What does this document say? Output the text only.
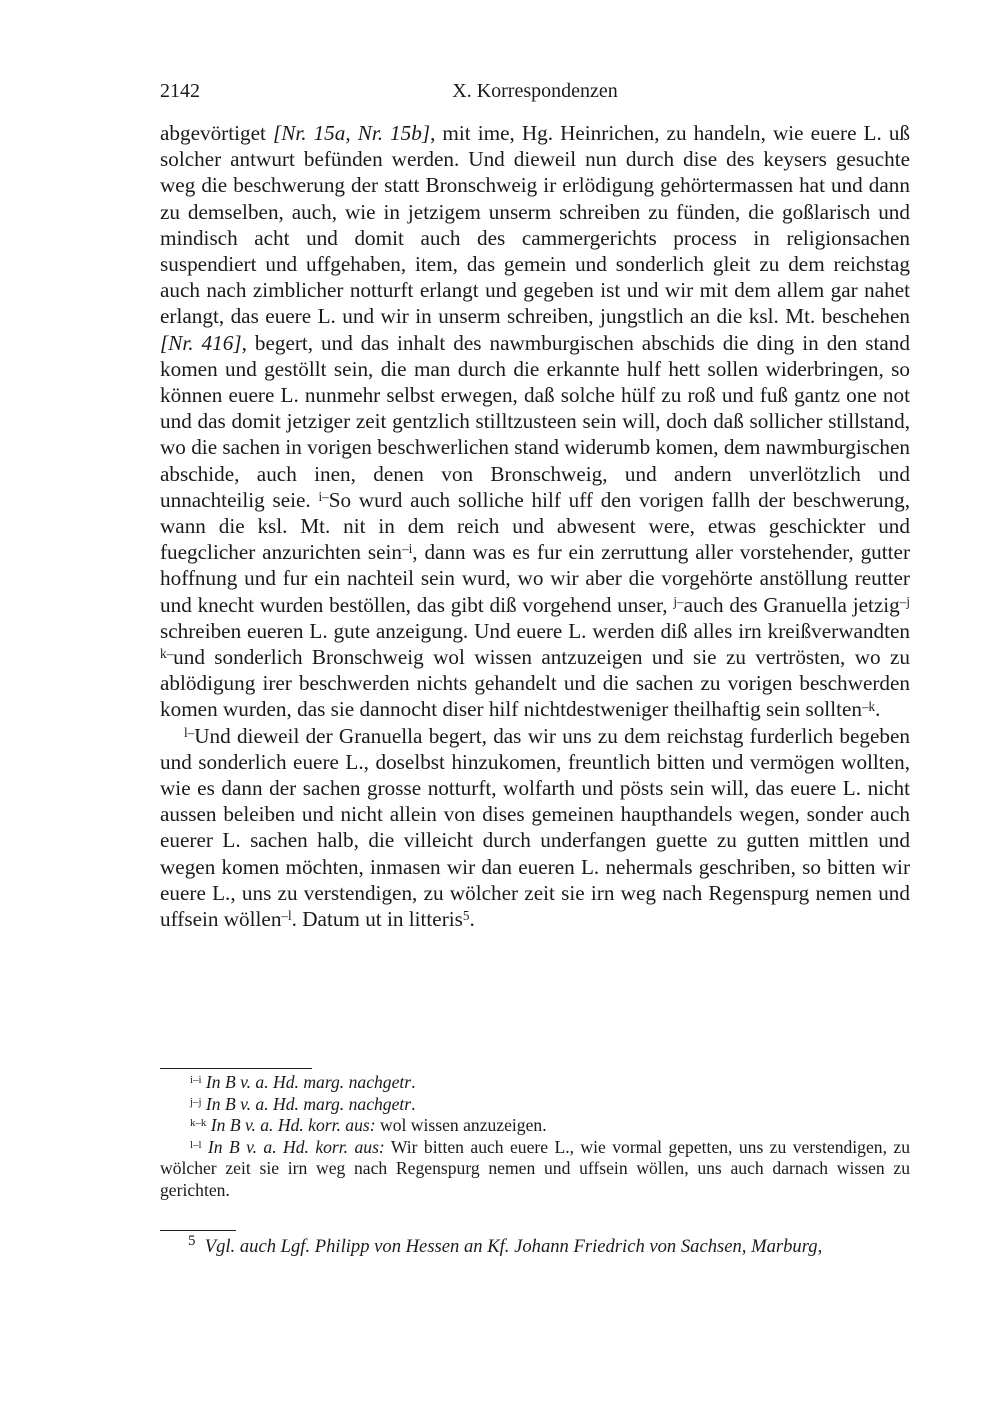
2142	X. Korrespondenzen

abgevörtiget [Nr. 15a, Nr. 15b], mit ime, Hg. Heinrichen, zu handeln, wie euere L. uß solcher antwurt befünden werden. Und dieweil nun durch dise des keysers gesuchte weg die beschwerung der statt Bronschweig ir erlödigung gehörtermassen hat und dann zu demselben, auch, wie in jetzigem unserm schreiben zu fünden, die goßlarisch und mindisch acht und domit auch des cammergerichts process in religionsachen suspendiert und uffgehaben, item, das gemein und sonderlich gleit zu dem reichstag auch nach zimblicher notturft erlangt und gegeben ist und wir mit dem allem gar nahet erlangt, das euere L. und wir in unserm schreiben, jungstlich an die ksl. Mt. beschehen [Nr. 416], begert, und das inhalt des nawmburgischen abschids die ding in den stand komen und gestöllt sein, die man durch die erkannte hulf hett sollen widerbringen, so können euere L. nunmehr selbst erwegen, daß solche hülf zu roß und fuß gantz one not und das domit jetziger zeit gentzlich stilltzusteen sein will, doch daß sollicher stillstand, wo die sachen in vorigen beschwerlichen stand widerumb komen, dem nawmburgischen abschide, auch inen, denen von Bronschweig, und andern unverlötzlich und unnachteilig seie. $^{i-}$So wurd auch solliche hilf uff den vorigen fallh der beschwerung, wann die ksl. Mt. nit in dem reich und abwesent were, etwas geschickter und fuegclicher anzurichten sein$^{-i}$, dann was es fur ein zerruttung aller vorstehender, gutter hoffnung und fur ein nachteil sein wurd, wo wir aber die vorgehörte anstöllung reutter und knecht wurden bestöllen, das gibt diß vorgehend unser, $^{j-}$auch des Granuella jetzig$^{-j}$ schreiben eueren L. gute anzeigung. Und euere L. werden diß alles irn kreißverwandten $^{k-}$und sonderlich Bronschweig wol wissen antzuzeigen und sie zu vertrösten, wo zu ablödigung irer beschwerden nichts gehandelt und die sachen zu vorigen beschwerden komen wurden, das sie dannocht diser hilf nichtdestweniger theilhaftig sein sollten$^{-k}$.

$^{l-}$Und dieweil der Granuella begert, das wir uns zu dem reichstag furderlich begeben und sonderlich euere L., doselbst hinzukomen, freuntlich bitten und vermögen wollten, wie es dann der sachen grosse notturft, wolfarth und pösts sein will, das euere L. nicht aussen beleiben und nicht allein von dises gemeinen haupthandels wegen, sonder auch euerer L. sachen halb, die villeicht durch underfangen guette zu gutten mittlen und wegen komen möchten, inmasen wir dan eueren L. nehermals geschriben, so bitten wir euere L., uns zu verstendigen, zu wölcher zeit sie irn weg nach Regenspurg nemen und uffsein wöllen$^{-l}$. Datum ut in litteris$^5$.

$^{i-i}$ In B v. a. Hd. marg. nachgetr.

$^{j-j}$ In B v. a. Hd. marg. nachgetr.

$^{k-k}$ In B v. a. Hd. korr. aus: wol wissen anzuzeigen.

$^{l-l}$ In B v. a. Hd. korr. aus: Wir bitten auch euere L., wie vormal gepetten, uns zu verstendigen, zu wölcher zeit sie irn weg nach Regenspurg nemen und uffsein wöllen, uns auch darnach wissen zu gerichten.

$^5$ Vgl. auch Lgf. Philipp von Hessen an Kf. Johann Friedrich von Sachsen, Marburg,
